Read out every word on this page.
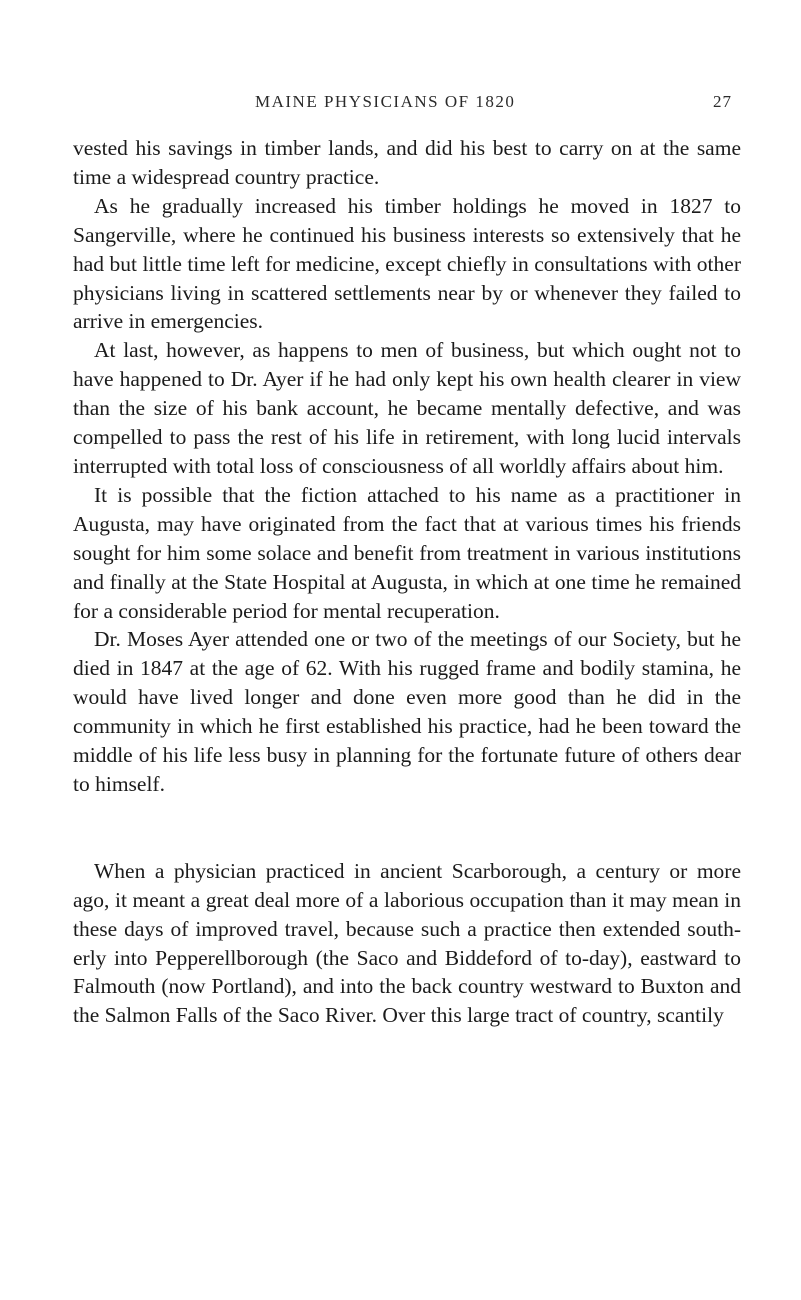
MAINE PHYSICIANS OF 1820	27

vested his savings in timber lands, and did his best to carry on at the same time a widespread country practice.

As he gradually increased his timber holdings he moved in 1827 to Sangerville, where he continued his business interests so extensively that he had but little time left for medicine, except chiefly in consultations with other physicians living in scattered settlements near by or whenever they failed to arrive in emergencies.

At last, however, as happens to men of business, but which ought not to have happened to Dr. Ayer if he had only kept his own health clearer in view than the size of his bank account, he became mentally defective, and was compelled to pass the rest of his life in retirement, with long lucid intervals interrupted with total loss of consciousness of all worldly affairs about him.

It is possible that the fiction attached to his name as a practitioner in Augusta, may have originated from the fact that at various times his friends sought for him some solace and benefit from treatment in various institutions and finally at the State Hospital at Augusta, in which at one time he remained for a considerable period for mental recuperation.

Dr. Moses Ayer attended one or two of the meetings of our Society, but he died in 1847 at the age of 62. With his rugged frame and bodily stamina, he would have lived longer and done even more good than he did in the community in which he first established his practice, had he been toward the middle of his life less busy in planning for the fortunate future of others dear to himself.

When a physician practiced in ancient Scarborough, a century or more ago, it meant a great deal more of a laborious occupation than it may mean in these days of improved travel, because such a practice then extended southerly into Pepperellborough (the Saco and Biddeford of to-day), eastward to Falmouth (now Portland), and into the back country westward to Buxton and the Salmon Falls of the Saco River. Over this large tract of country, scantily
